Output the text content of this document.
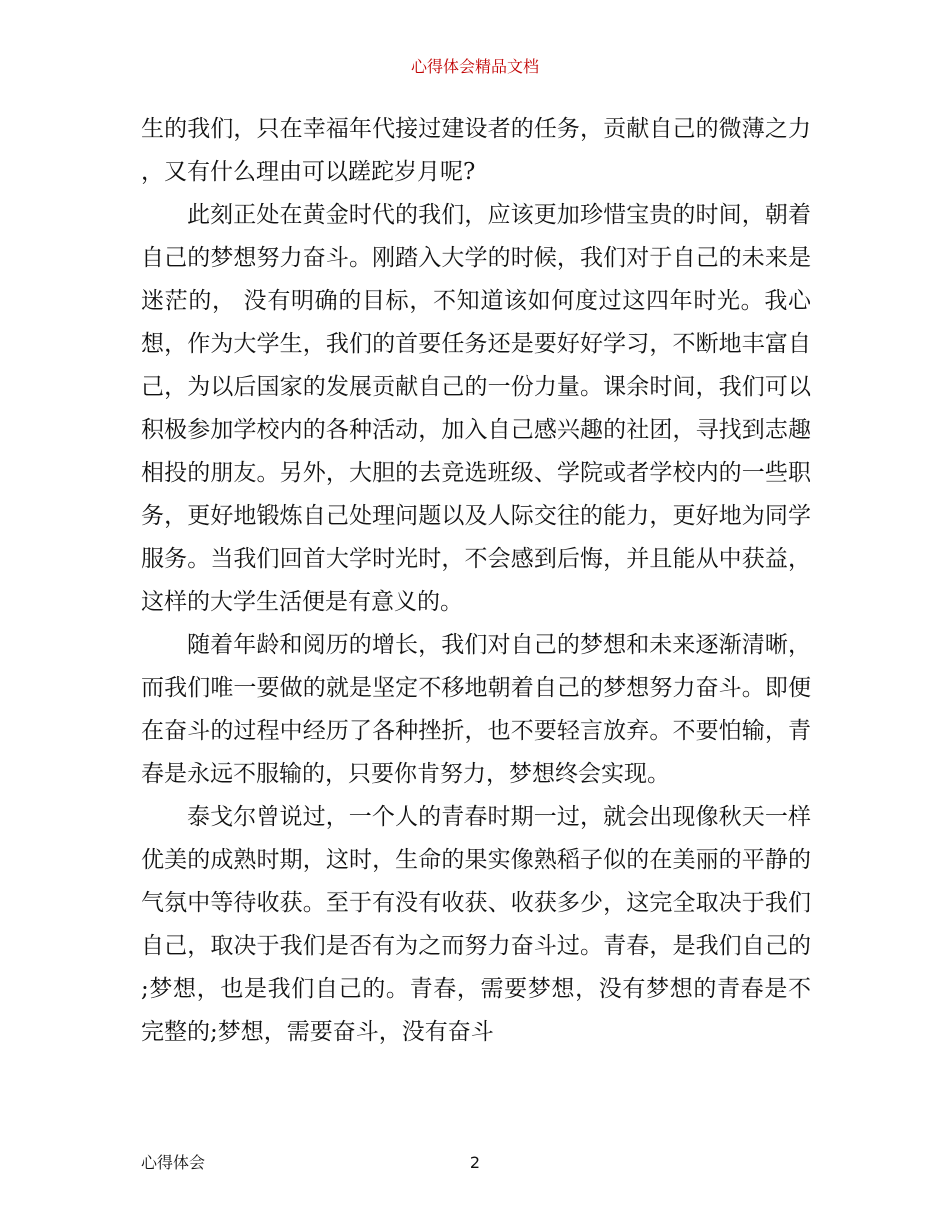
心得体会精品文档

生的我们，只在幸福年代接过建设者的任务，贡献自己的微薄之力，又有什么理由可以蹉跎岁月呢?

此刻正处在黄金时代的我们，应该更加珍惜宝贵的时间，朝着自己的梦想努力奋斗。刚踏入大学的时候，我们对于自己的未来是迷茫的， 没有明确的目标，不知道该如何度过这四年时光。我心想，作为大学生，我们的首要任务还是要好好学习，不断地丰富自己，为以后国家的发展贡献自己的一份力量。课余时间，我们可以积极参加学校内的各种活动，加入自己感兴趣的社团，寻找到志趣相投的朋友。另外，大胆的去竞选班级、学院或者学校内的一些职务，更好地锻炼自己处理问题以及人际交往的能力，更好地为同学服务。当我们回首大学时光时，不会感到后悔，并且能从中获益，这样的大学生活便是有意义的。

随着年龄和阅历的增长，我们对自己的梦想和未来逐渐清晰，而我们唯一要做的就是坚定不移地朝着自己的梦想努力奋斗。即便在奋斗的过程中经历了各种挫折，也不要轻言放弃。不要怕输，青春是永远不服输的，只要你肯努力，梦想终会实现。

泰戈尔曾说过，一个人的青春时期一过，就会出现像秋天一样优美的成熟时期，这时，生命的果实像熟稻子似的在美丽的平静的气氛中等待收获。至于有没有收获、收获多少，这完全取决于我们自己，取决于我们是否有为之而努力奋斗过。青春，是我们自己的;梦想，也是我们自己的。青春，需要梦想，没有梦想的青春是不完整的;梦想，需要奋斗，没有奋斗

心得体会	2
